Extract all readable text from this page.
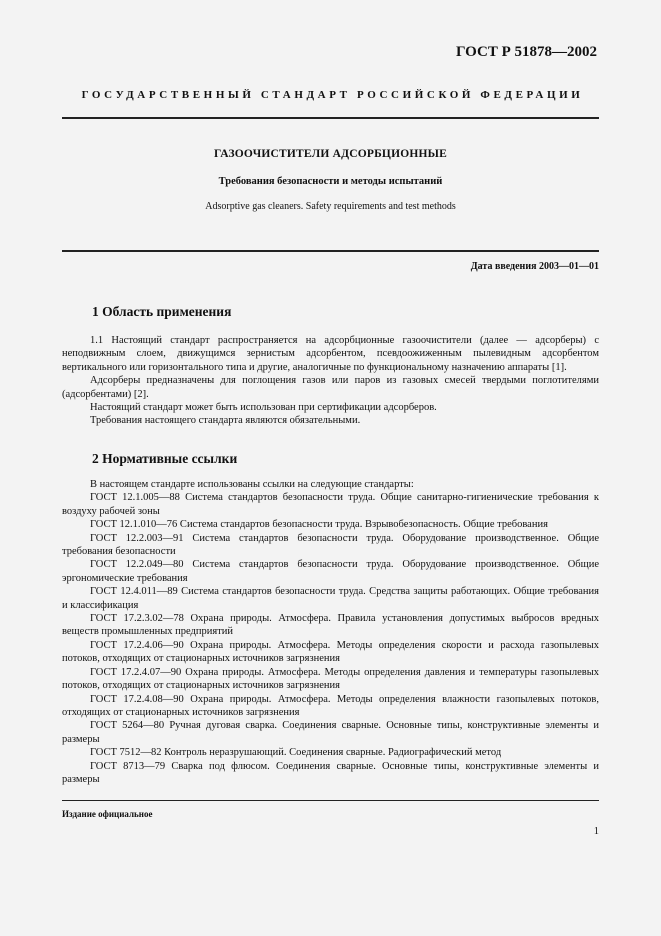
ГОСТ Р 51878—2002
ГОСУДАРСТВЕННЫЙ СТАНДАРТ РОССИЙСКОЙ ФЕДЕРАЦИИ
ГАЗООЧИСТИТЕЛИ АДСОРБЦИОННЫЕ
Требования безопасности и методы испытаний
Adsorptive gas cleaners. Safety requirements and test methods
Дата введения 2003—01—01
1 Область применения

1.1 Настоящий стандарт распространяется на адсорбционные газоочистители (далее — адсорберы) с неподвижным слоем, движущимся зернистым адсорбентом, псевдоожиженным пылевидным адсорбентом вертикального или горизонтального типа и другие, аналогичные по функциональному назначению аппараты [1].

Адсорберы предназначены для поглощения газов или паров из газовых смесей твердыми поглотителями (адсорбентами) [2].

Настоящий стандарт может быть использован при сертификации адсорберов.

Требования настоящего стандарта являются обязательными.

2 Нормативные ссылки

В настоящем стандарте использованы ссылки на следующие стандарты:

ГОСТ 12.1.005—88 Система стандартов безопасности труда. Общие санитарно-гигиенические требования к воздуху рабочей зоны

ГОСТ 12.1.010—76 Система стандартов безопасности труда. Взрывобезопасность. Общие требования

ГОСТ 12.2.003—91 Система стандартов безопасности труда. Оборудование производственное. Общие требования безопасности

ГОСТ 12.2.049—80 Система стандартов безопасности труда. Оборудование производственное. Общие эргономические требования

ГОСТ 12.4.011—89 Система стандартов безопасности труда. Средства защиты работающих. Общие требования и классификация

ГОСТ 17.2.3.02—78 Охрана природы. Атмосфера. Правила установления допустимых выбросов вредных веществ промышленных предприятий

ГОСТ 17.2.4.06—90 Охрана природы. Атмосфера. Методы определения скорости и расхода газопылевых потоков, отходящих от стационарных источников загрязнения

ГОСТ 17.2.4.07—90 Охрана природы. Атмосфера. Методы определения давления и температуры газопылевых потоков, отходящих от стационарных источников загрязнения

ГОСТ 17.2.4.08—90 Охрана природы. Атмосфера. Методы определения влажности газопылевых потоков, отходящих от стационарных источников загрязнения

ГОСТ 5264—80 Ручная дуговая сварка. Соединения сварные. Основные типы, конструктивные элементы и размеры

ГОСТ 7512—82 Контроль неразрушающий. Соединения сварные. Радиографический метод

ГОСТ 8713—79 Сварка под флюсом. Соединения сварные. Основные типы, конструктивные элементы и размеры

Издание официальное
1
